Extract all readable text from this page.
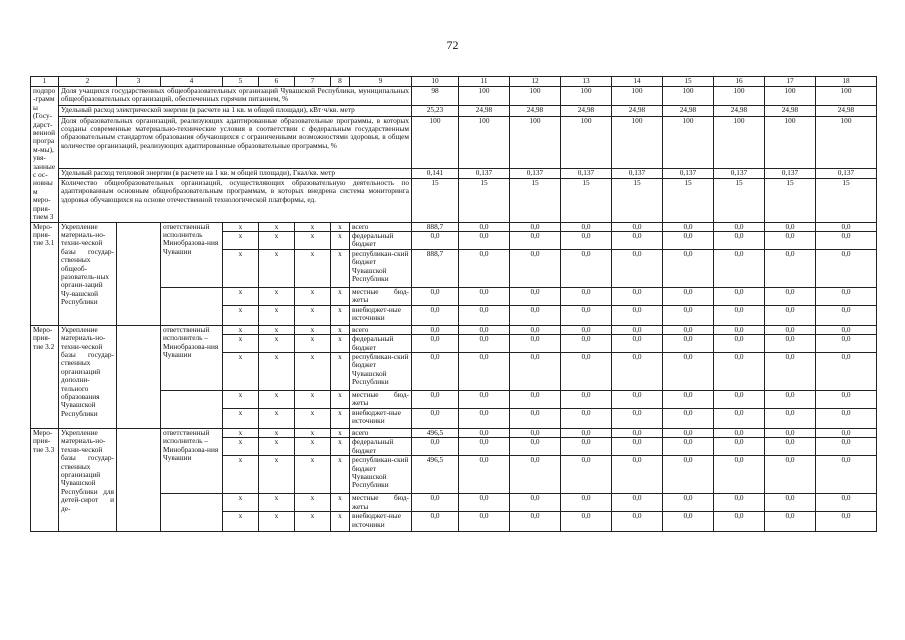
72
1	2	3	4	5	6	7	8	9	10	11	12	13	14	15	16	17	18
подпро-граммы (Госу-дарст-венной програм-мы), увя-занные с ос-новным меро-прия-тием 3	Доля учащихся государственных общеобразовательных организаций Чувашской Республики, муниципальных общеобразовательных организаций, обеспеченных горячим питанием, %								98	100	100	100	100	100	100	100	100
	Удельный расход электрической энергии (в расчете на 1 кв. м общей площади), кВт·ч/кв. метр								25,23	24,98	24,98	24,98	24,98	24,98	24,98	24,98	24,98
	Доля образовательных организаций, реализующих адаптированные образовательные программы, в которых созданы современные материально-технические условия в соответствии с федеральным государственным образовательным стандартом образования обучающихся с ограниченными возможностями здоровья, в общем количестве организаций, реализующих адаптированные образовательные программы, %								100	100	100	100	100	100	100	100	100
	Удельный расход тепловой энергии (в расчете на 1 кв. м общей площади), Гкал/кв. метр								0,141	0,137	0,137	0,137	0,137	0,137	0,137	0,137	0,137
	Количество общеобразовательных организаций, осуществляющих образовательную деятельность по адаптированным основным общеобразовательным программам, в которых внедрена система мониторинга здоровья обучающихся на основе отечественной технологической платформы, ед.								15	15	15	15	15	15	15	15	15
Меро-прия-тие 3.1	Укрепление материаль-но-техни-ческой базы государ-ственных общеоб-разователь-ных органи-заций Чу-вашской Республики		ответственный исполнитель Минобразова-ния Чувашии	x	x	x	x	всего	888,7	0,0	0,0	0,0	0,0	0,0	0,0	0,0	0,0
				x	x	x	x	федеральный бюджет	0,0	0,0	0,0	0,0	0,0	0,0	0,0	0,0	0,0
				x	x	x	x	республикан-ский бюджет Чувашской Республики	888,7	0,0	0,0	0,0	0,0	0,0	0,0	0,0	0,0
				x	x	x	x	местные бюд-жеты	0,0	0,0	0,0	0,0	0,0	0,0	0,0	0,0	0,0
				x	x	x	x	внебюджет-ные источники	0,0	0,0	0,0	0,0	0,0	0,0	0,0	0,0	0,0
Меро-прия-тие 3.2	Укрепление материаль-но-техни-ческой базы государ-ственных организаций дополни-тельного образования Чувашской Республики		ответственный исполнитель – Минобразова-ния Чувашии	x	x	x	x	всего	0,0	0,0	0,0	0,0	0,0	0,0	0,0	0,0	0,0
				x	x	x	x	федеральный бюджет	0,0	0,0	0,0	0,0	0,0	0,0	0,0	0,0	0,0
				x	x	x	x	республикан-ский бюджет Чувашской Республики	0,0	0,0	0,0	0,0	0,0	0,0	0,0	0,0	0,0
				x	x	x	x	местные бюд-жеты	0,0	0,0	0,0	0,0	0,0	0,0	0,0	0,0	0,0
				x	x	x	x	внебюджет-ные источники	0,0	0,0	0,0	0,0	0,0	0,0	0,0	0,0	0,0
Меро-прия-тие 3.3	Укрепление материаль-но-техни-ческой базы государ-ственных организаций Чувашской Республики для детей-сирот и де-		ответственный исполнитель – Минобразова-ния Чувашии	x	x	x	x	всего	496,5	0,0	0,0	0,0	0,0	0,0	0,0	0,0	0,0
				x	x	x	x	федеральный бюджет	0,0	0,0	0,0	0,0	0,0	0,0	0,0	0,0	0,0
				x	x	x	x	республикан-ский бюджет Чувашской Республики	496,5	0,0	0,0	0,0	0,0	0,0	0,0	0,0	0,0
				x	x	x	x	местные бюд-жеты	0,0	0,0	0,0	0,0	0,0	0,0	0,0	0,0	0,0
				x	x	x	x	внебюджет-ные источники	0,0	0,0	0,0	0,0	0,0	0,0	0,0	0,0	0,0
